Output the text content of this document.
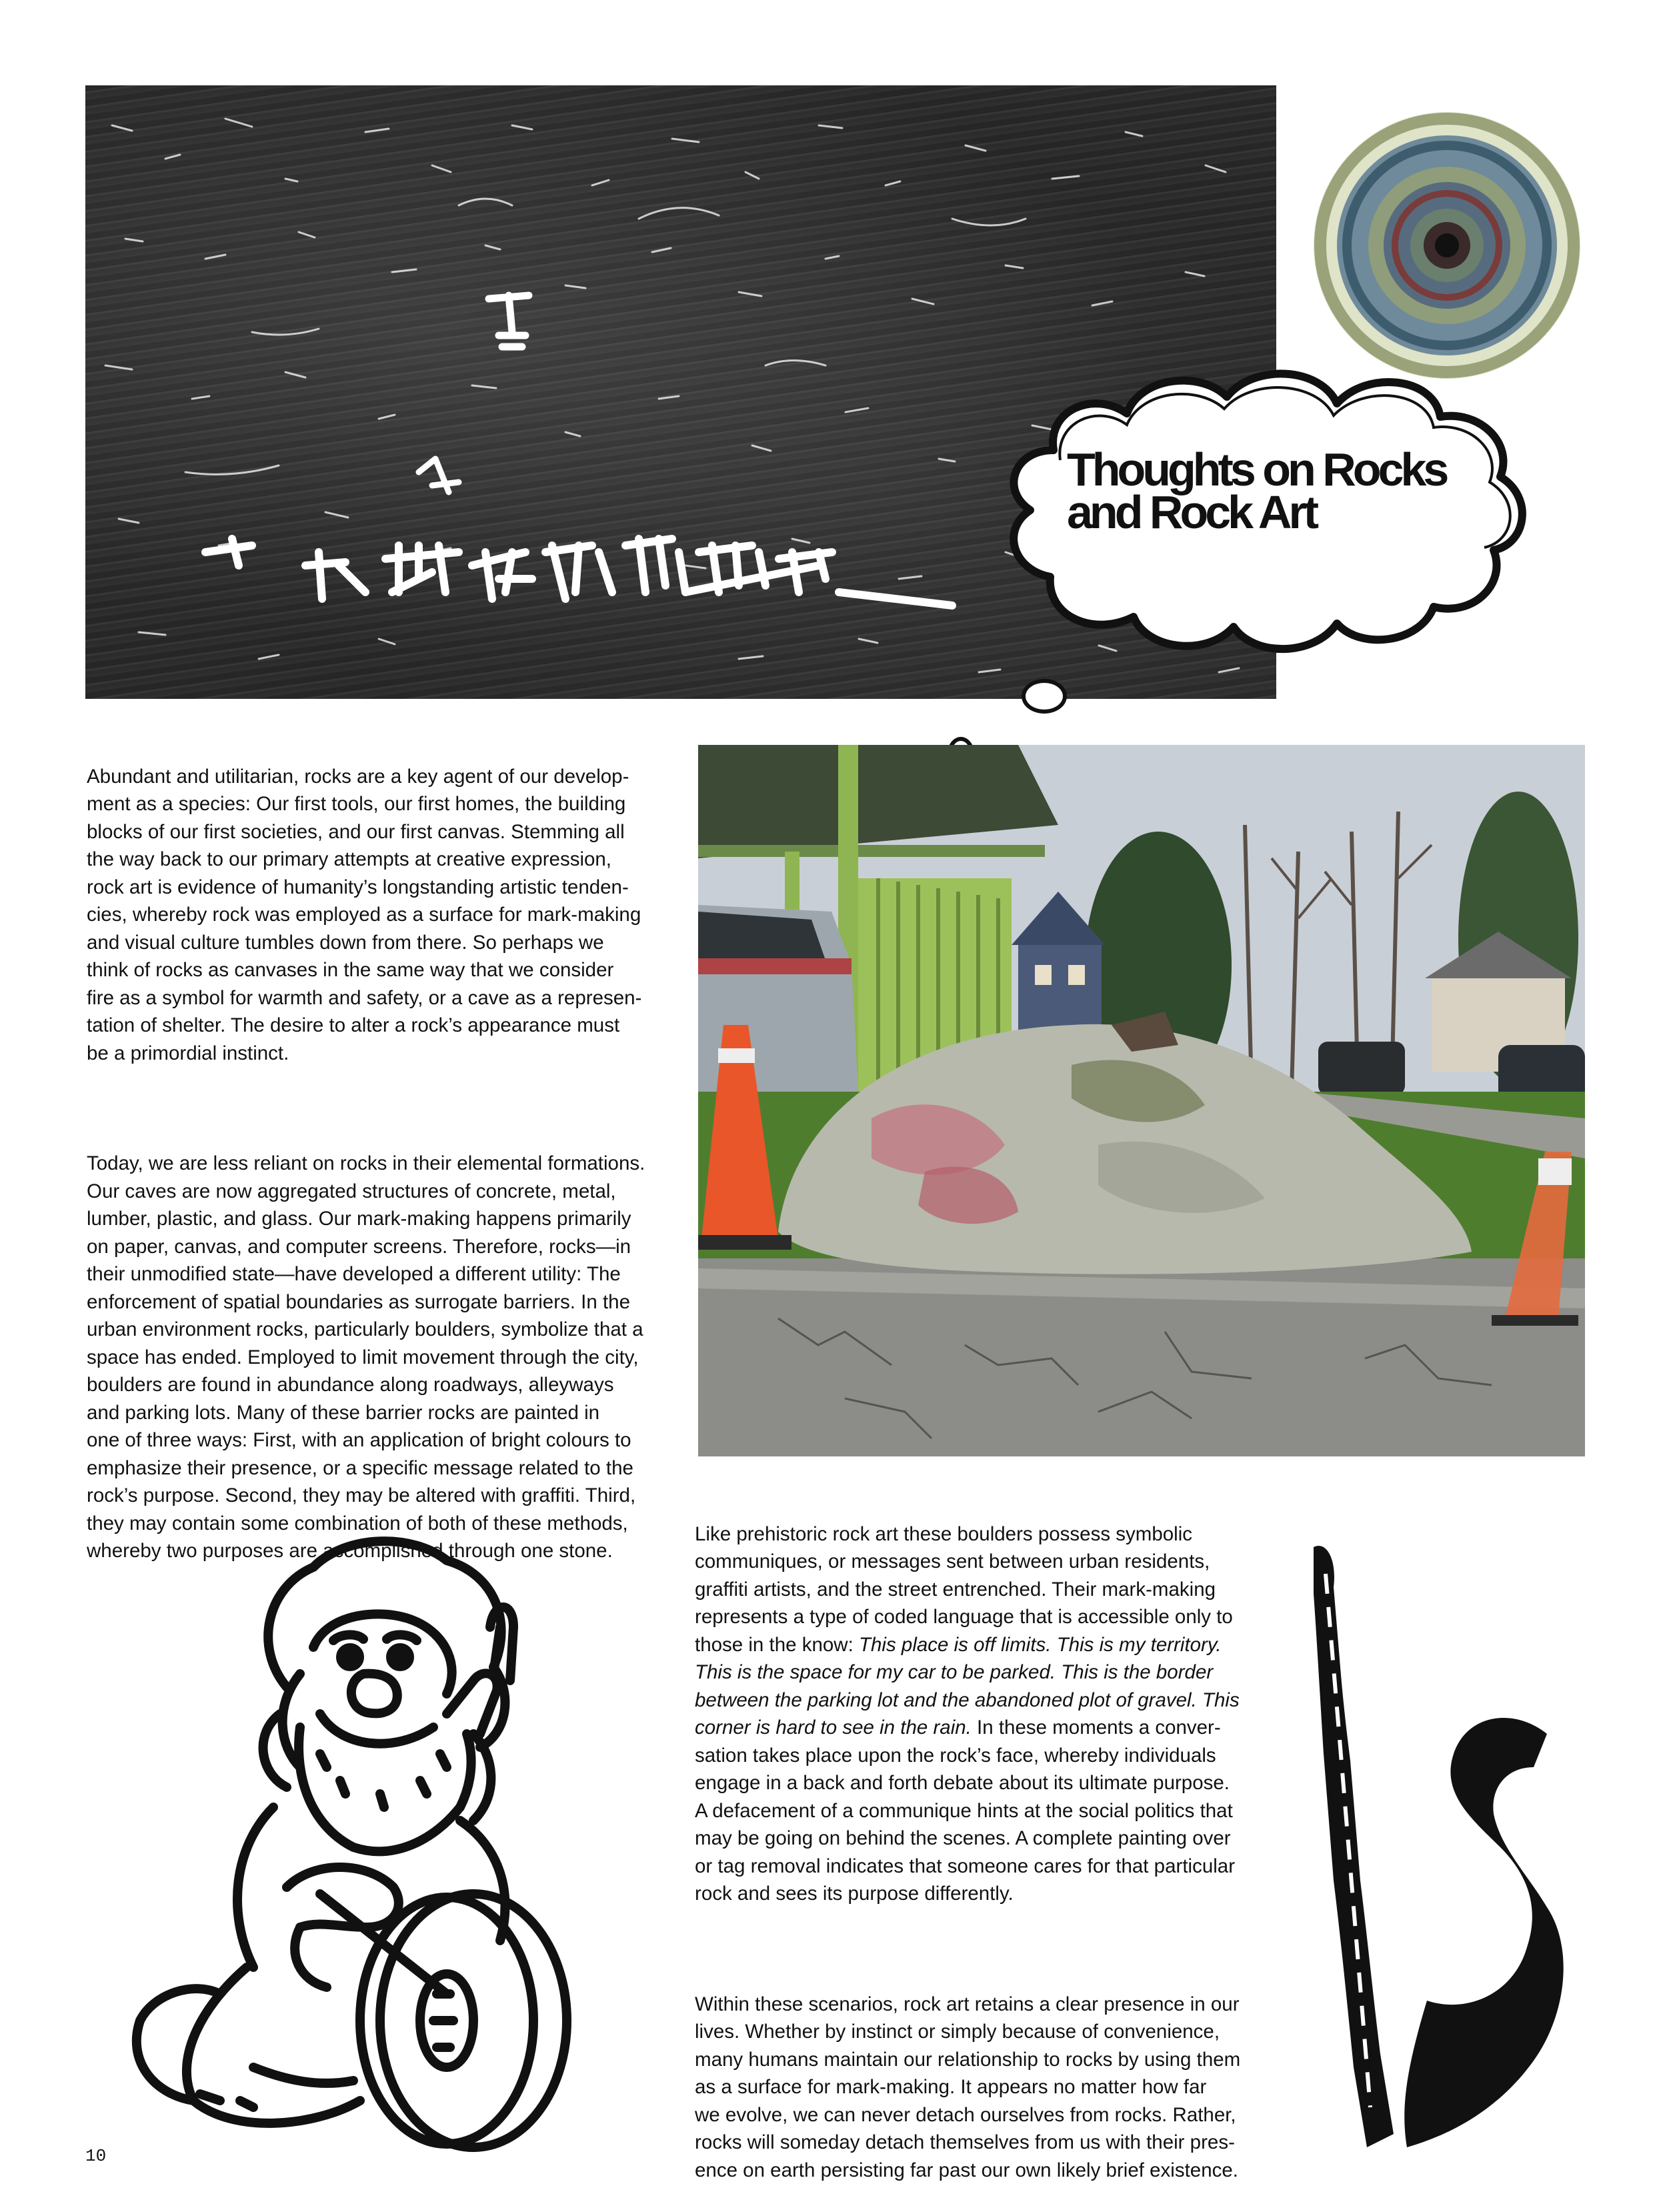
Thoughts on Rocks
and Rock Art

Abundant and utilitarian, rocks are a key agent of our develop-
ment as a species: Our first tools, our first homes, the building
blocks of our first societies, and our first canvas. Stemming all
the way back to our primary attempts at creative expression,
rock art is evidence of humanity’s longstanding artistic tenden-
cies, whereby rock was employed as a surface for mark-making
and visual culture tumbles down from there. So perhaps we
think of rocks as canvases in the same way that we consider
fire as a symbol for warmth and safety, or a cave as a represen-
tation of shelter. The desire to alter a rock’s appearance must
be a primordial instinct.

Today, we are less reliant on rocks in their elemental formations.
Our caves are now aggregated structures of concrete, metal,
lumber, plastic, and glass. Our mark-making happens primarily
on paper, canvas, and computer screens. Therefore, rocks—in
their unmodified state—have developed a different utility: The
enforcement of spatial boundaries as surrogate barriers. In the
urban environment rocks, particularly boulders, symbolize that a
space has ended. Employed to limit movement through the city,
boulders are found in abundance along roadways, alleyways
and parking lots. Many of these barrier rocks are painted in
one of three ways: First, with an application of bright colours to
emphasize their presence, or a specific message related to the
rock’s purpose. Second, they may be altered with graffiti. Third,
they may contain some combination of both of these methods,
whereby two purposes are accomplished through one stone.

Like prehistoric rock art these boulders possess symbolic
communiques, or messages sent between urban residents,
graffiti artists, and the street entrenched. Their mark-making
represents a type of coded language that is accessible only to
those in the know: This place is off limits. This is my territory.
This is the space for my car to be parked. This is the border
between the parking lot and the abandoned plot of gravel. This
corner is hard to see in the rain. In these moments a conver-
sation takes place upon the rock’s face, whereby individuals
engage in a back and forth debate about its ultimate purpose.
A defacement of a communique hints at the social politics that
may be going on behind the scenes. A complete painting over
or tag removal indicates that someone cares for that particular
rock and sees its purpose differently.

Within these scenarios, rock art retains a clear presence in our
lives. Whether by instinct or simply because of convenience,
many humans maintain our relationship to rocks by using them
as a surface for mark-making. It appears no matter how far
we evolve, we can never detach ourselves from rocks. Rather,
rocks will someday detach themselves from us with their pres-
ence on earth persisting far past our own likely brief existence.

10
